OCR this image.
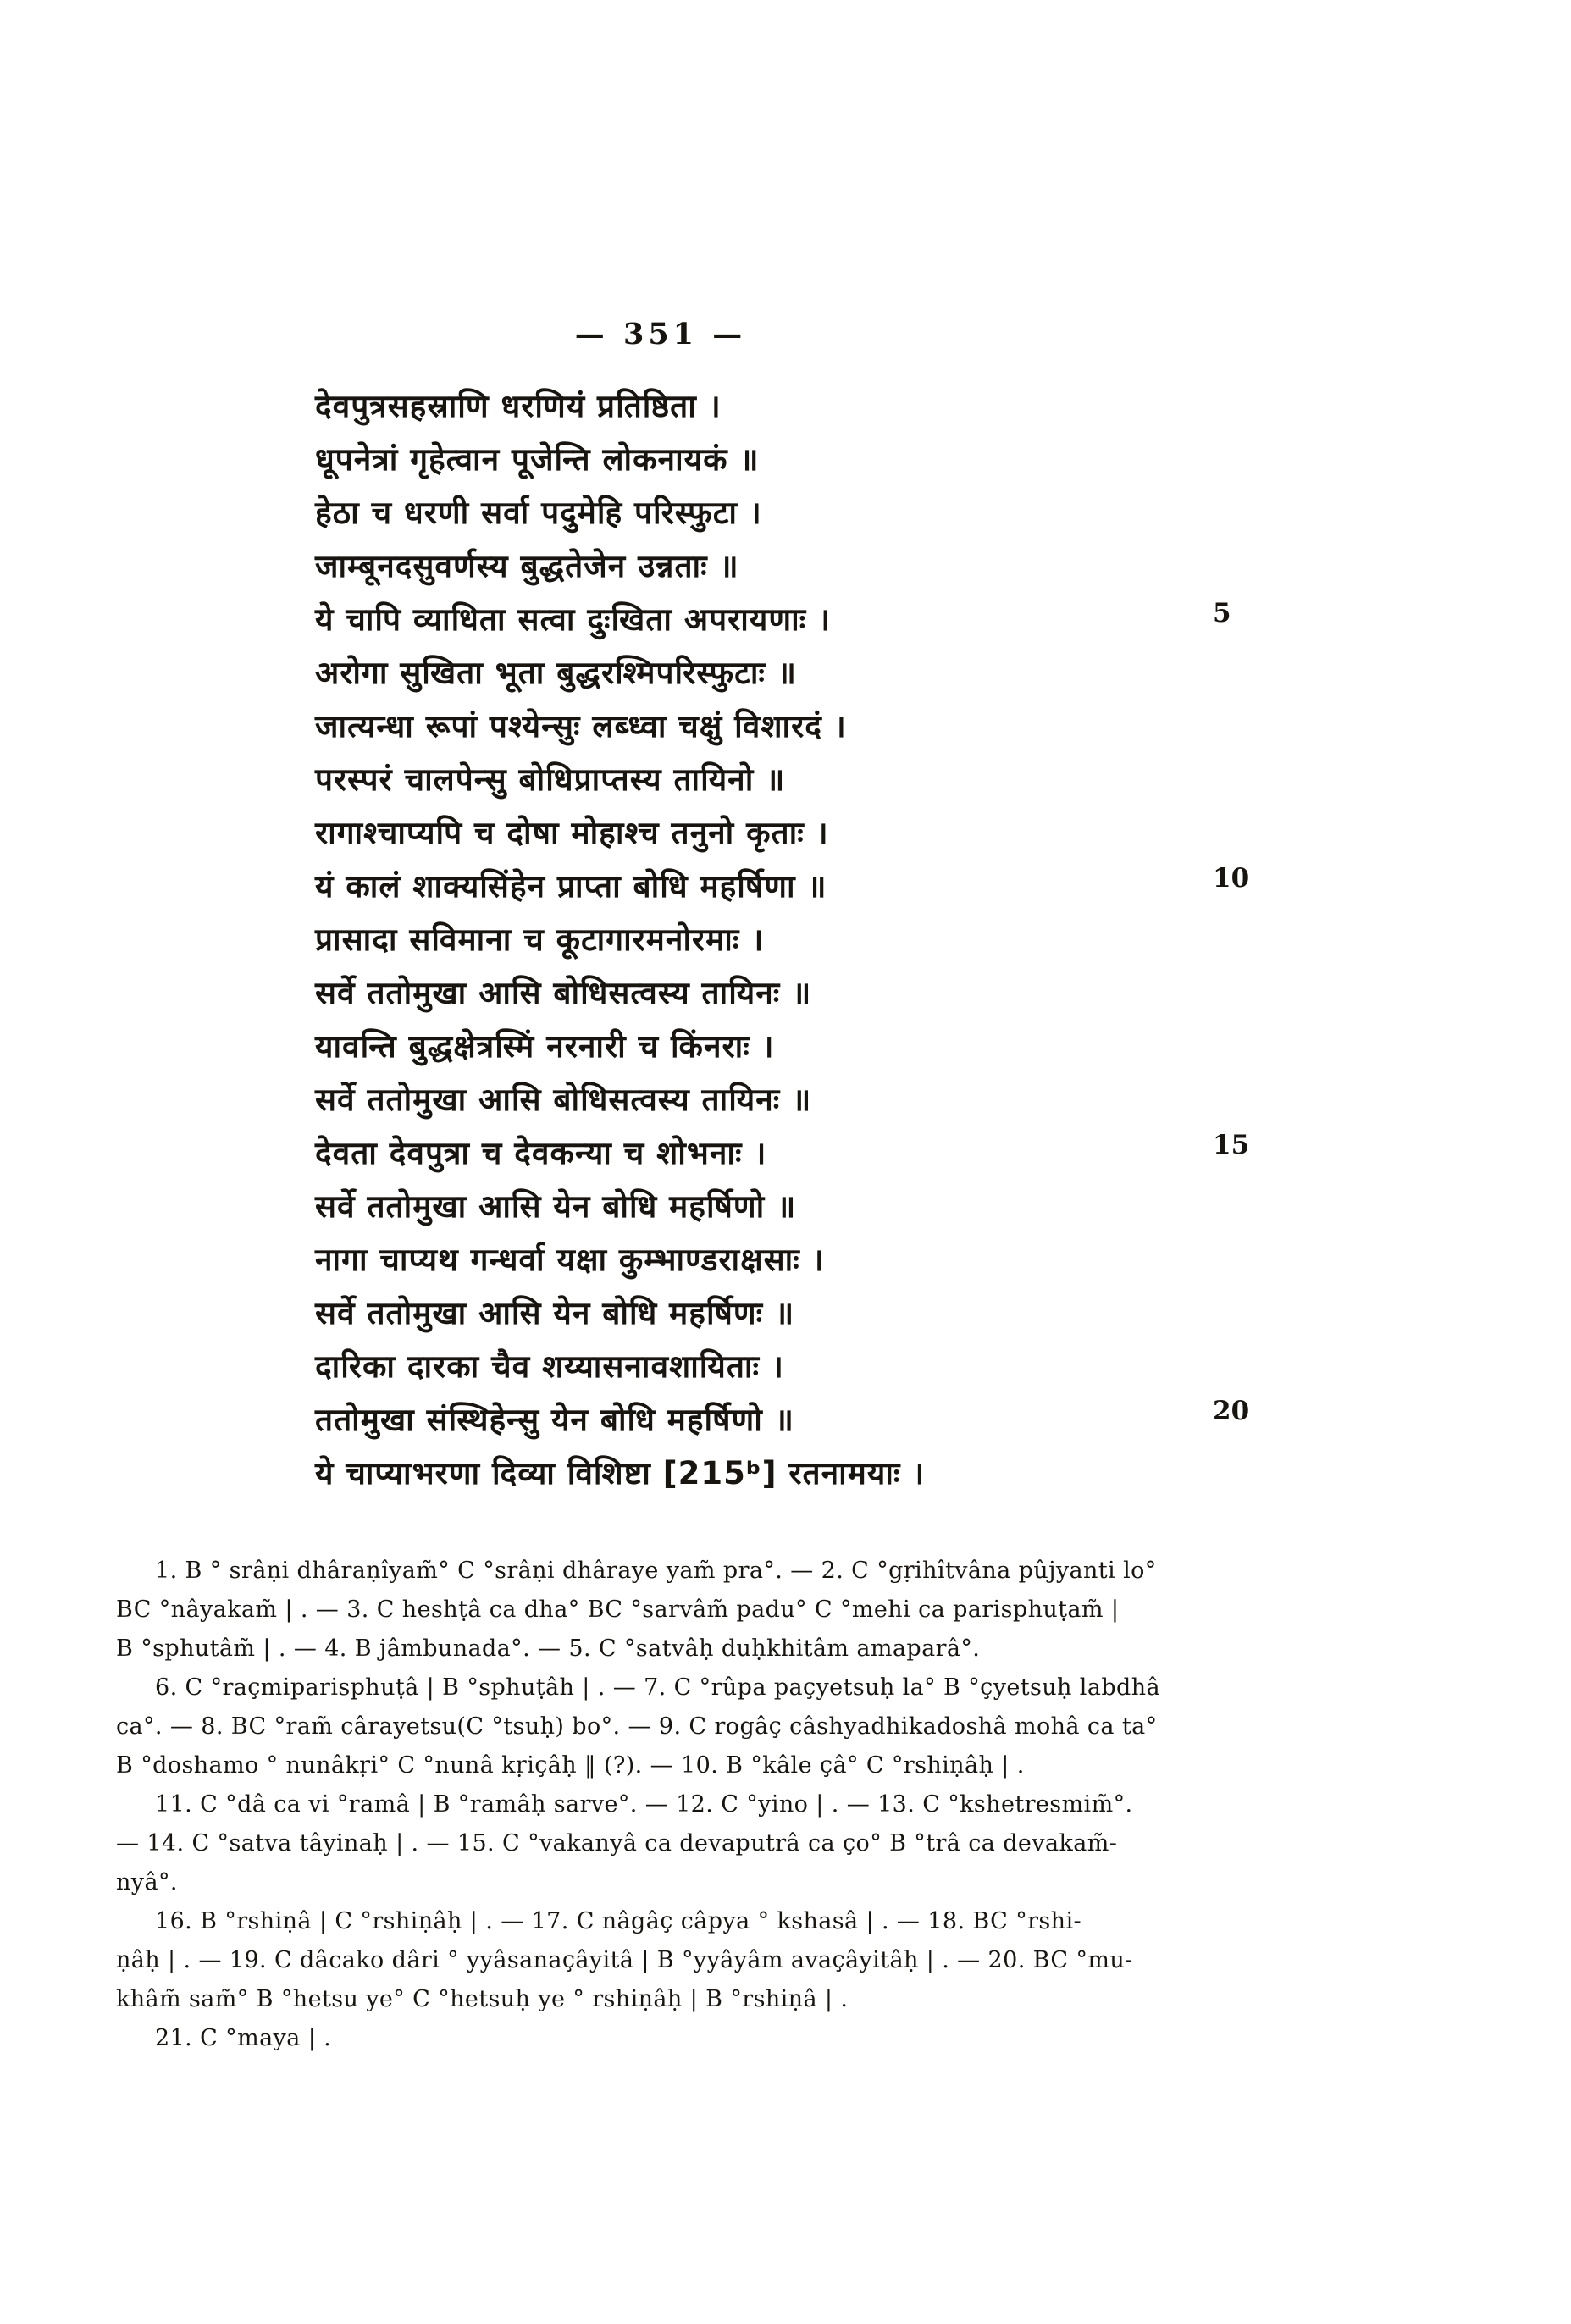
— 351 —
देवपुत्रसहस्राणि धरणियं प्रतिष्ठिता ।
धूपनेत्रां गृहेत्वान पूजेन्ति लोकनायकं ॥
हेठा च धरणी सर्वा पदुमेहि परिस्फुटा ।
जाम्बूनदसुवर्णस्य बुद्धतेजेन उन्नताः ॥
ये चापि व्याधिता सत्वा दुःखिता अपरायणाः ।
अरोगा सुखिता भूता बुद्धरश्मिपरिस्फुटाः ॥
जात्यन्धा रूपां पश्येन्सुः लब्ध्वा चक्षुं विशारदं ।
परस्परं चालपेन्सु बोधिप्राप्तस्य तायिनो ॥
रागाश्चाप्यपि च दोषा मोहाश्च तनुनो कृताः ।
यं कालं शाक्यसिंहेन प्राप्ता बोधि महर्षिणा ॥
प्रासादा सविमाना च कूटागारमनोरमाः ।
सर्वे ततोमुखा आसि बोधिसत्वस्य तायिनः ॥
यावन्ति बुद्धक्षेत्रस्मिं नरनारी च किंनराः ।
सर्वे ततोमुखा आसि बोधिसत्वस्य तायिनः ॥
देवता देवपुत्रा च देवकन्या च शोभनाः ।
सर्वे ततोमुखा आसि येन बोधि महर्षिणो ॥
नागा चाप्यथ गन्धर्वा यक्षा कुम्भाण्डराक्षसाः ।
सर्वे ततोमुखा आसि येन बोधि महर्षिणः ॥
दारिका दारका चैव शय्यासनावशायिताः ।
ततोमुखा संस्थिहेन्सु येन बोधि महर्षिणो ॥
ये चाप्याभरणा दिव्या विशिष्टा [215ᵇ] रतनामयाः ।
5
10
15
20
1. B ° srâṇi dhâraṇîyam̃° C °srâṇi dhâraye yam̃ pra°. — 2. C °gṛihîtvâna pûjyanti lo°
BC °nâyakam̃ | . — 3. C heshṭâ ca dha° BC °sarvâm̃ padu° C °mehi ca parisphuṭam̃ |
B °sphutâm̃ | . — 4. B jâmbunada°. — 5. C °satvâḥ duḥkhitâm amaparâ°.
6. C °raçmiparisphuṭâ | B °sphuṭâh | . — 7. C °rûpa paçyetsuḥ la° B °çyetsuḥ labdhâ
ca°. — 8. BC °ram̃ cârayetsu(C °tsuḥ) bo°. — 9. C rogâç câshyadhikadoshâ mohâ ca ta°
B °doshamo ° nunâkṛi° C °nunâ kṛiçâḥ ‖ (?). — 10. B °kâle çâ° C °rshiṇâḥ | .
11. C °dâ ca vi °ramâ | B °ramâḥ sarve°. — 12. C °yino | . — 13. C °kshetresmim̃°.
— 14. C °satva tâyinaḥ | . — 15. C °vakanyâ ca devaputrâ ca ço° B °trâ ca devakam̃-
nyâ°.
16. B °rshiṇâ | C °rshiṇâḥ | . — 17. C nâgâç câpya ° kshasâ | . — 18. BC °rshi-
ṇâḥ | . — 19. C dâcako dâri ° yyâsanaçâyitâ | B °yyâyâm avaçâyitâḥ | . — 20. BC °mu-
khâm̃ sam̃° B °hetsu ye° C °hetsuḥ ye ° rshiṇâḥ | B °rshiṇâ | .
21. C °maya | .
